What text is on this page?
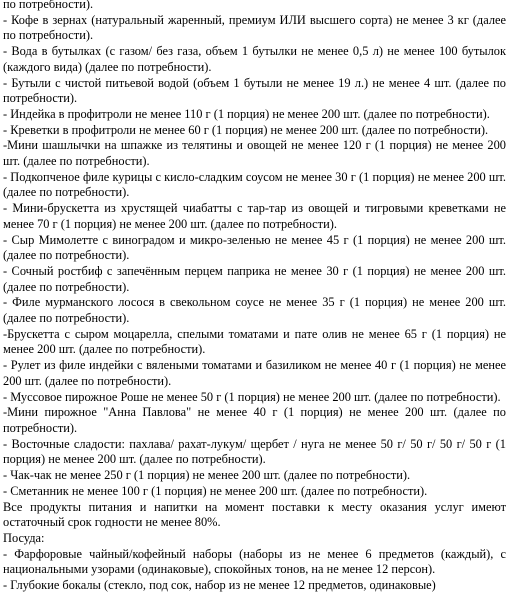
по потребности).

- Кофе в зернах (натуральный жаренный, премиум ИЛИ высшего сорта) не менее 3 кг (далее по потребности).

- Вода в бутылках (с газом/ без газа, объем 1 бутылки не менее 0,5 л) не менее 100 бутылок (каждого вида) (далее по потребности).

- Бутыли с чистой питьевой водой (объем 1 бутыли не менее 19 л.) не менее 4 шт. (далее по потребности).

- Индейка в профитроли не менее 110 г (1 порция) не менее 200 шт. (далее по потребности).

- Креветки в профитроли не менее 60 г (1 порция) не менее 200 шт. (далее по потребности).

-Мини шашлычки на шпажке из телятины и овощей не менее 120 г (1 порция) не менее 200 шт. (далее по потребности).

- Подкопченое филе курицы с кисло-сладким соусом не менее 30 г (1 порция) не менее 200 шт. (далее по потребности).

- Мини-брускетта из хрустящей чиабатты с тар-тар из овощей и тигровыми креветками не менее 70 г (1 порция) не менее 200 шт. (далее по потребности).

- Сыр Мимолетте с виноградом и микро-зеленью не менее 45 г (1 порция) не менее 200 шт. (далее по потребности).

- Сочный ростбиф с запечённым перцем паприка не менее 30 г (1 порция) не менее 200 шт. (далее по потребности).

- Филе мурманского лосося в свекольном соусе не менее 35 г (1 порция) не менее 200 шт. (далее по потребности).

-Брускетта с сыром моцарелла, спелыми томатами и пате олив не менее 65 г (1 порция) не менее 200 шт. (далее по потребности).

- Рулет из филе индейки с вялеными томатами и базиликом не менее 40 г (1 порция) не менее 200 шт. (далее по потребности).

- Муссовое пирожное Роше не менее 50 г (1 порция) не менее 200 шт. (далее по потребности).

-Мини пирожное "Анна Павлова" не менее 40 г (1 порция) не менее 200 шт. (далее по потребности).

- Восточные сладости: пахлава/ рахат-лукум/ щербет / нуга не менее 50 г/ 50 г/ 50 г/ 50 г (1 порция) не менее 200 шт. (далее по потребности).

- Чак-чак не менее 250 г (1 порция) не менее 200 шт. (далее по потребности).

- Сметанник не менее 100 г (1 порция) не менее 200 шт. (далее по потребности).

Все продукты питания и напитки на момент поставки к месту оказания услуг имеют остаточный срок годности не менее 80%.

Посуда:

- Фарфоровые чайный/кофейный наборы (наборы из не менее 6 предметов (каждый), с национальными узорами (одинаковые), спокойных тонов, на не менее 12 персон).

- Глубокие бокалы (стекло, под сок, набор из не менее 12 предметов, одинаковые)
